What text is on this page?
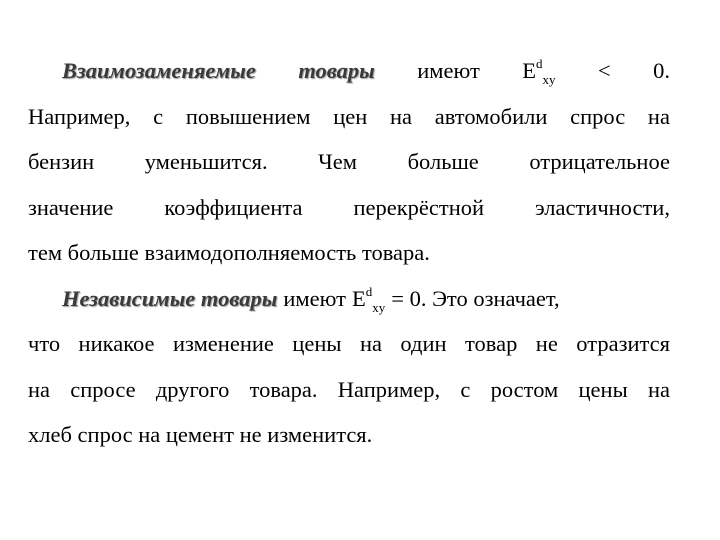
Взаимозаменяемые товары имеют $E^d_{xy} < 0$.
Например, с повышением цен на автомобили спрос на
бензин уменьшится. Чем больше отрицательное
значение коэффициента перекрёстной эластичности,
тем больше взаимодополняемость товара.
Независимые товары имеют $E^d_{xy} = 0$. Это означает,
что никакое изменение цены на один товар не отразится
на спросе другого товара. Например, с ростом цены на
хлеб спрос на цемент не изменится.
